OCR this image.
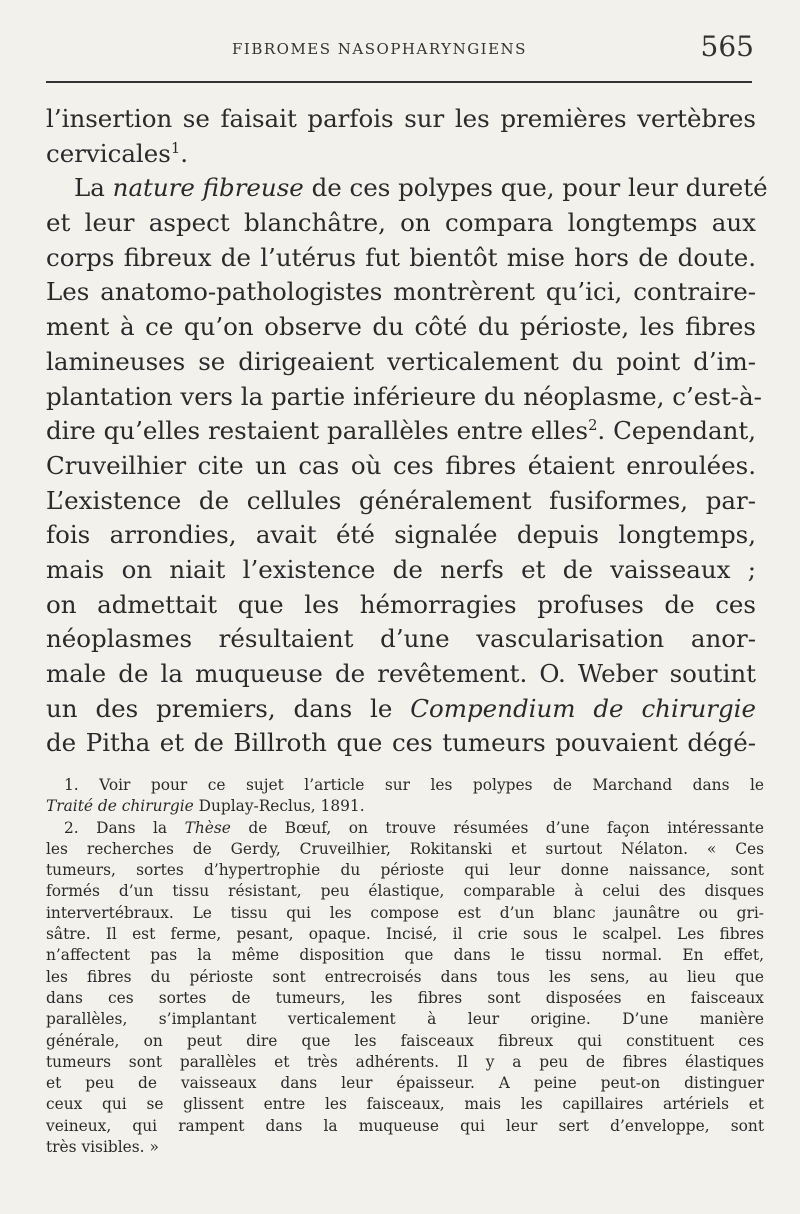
FIBROMES NASOPHARYNGIENS	565
l’insertion se faisait parfois sur les premières vertèbres
cervicales$^1$.
La nature fibreuse de ces polypes que, pour leur dureté
et leur aspect blanchâtre, on compara longtemps aux
corps fibreux de l’utérus fut bientôt mise hors de doute.
Les anatomo-pathologistes montrèrent qu’ici, contraire-
ment à ce qu’on observe du côté du périoste, les fibres
lamineuses se dirigeaient verticalement du point d’im-
plantation vers la partie inférieure du néoplasme, c’est-à-
dire qu’elles restaient parallèles entre elles$^2$. Cependant,
Cruveilhier cite un cas où ces fibres étaient enroulées.
L’existence de cellules généralement fusiformes, par-
fois arrondies, avait été signalée depuis longtemps,
mais on niait l’existence de nerfs et de vaisseaux ;
on admettait que les hémorragies profuses de ces
néoplasmes résultaient d’une vascularisation anor-
male de la muqueuse de revêtement. O. Weber soutint
un des premiers, dans le Compendium de chirurgie
de Pitha et de Billroth que ces tumeurs pouvaient dégé-
1. Voir pour ce sujet l’article sur les polypes de Marchand dans le
Traité de chirurgie Duplay-Reclus, 1891.
2. Dans la Thèse de Bœuf, on trouve résumées d’une façon intéressante
les recherches de Gerdy, Cruveilhier, Rokitanski et surtout Nélaton. « Ces
tumeurs, sortes d’hypertrophie du périoste qui leur donne naissance, sont
formés d’un tissu résistant, peu élastique, comparable à celui des disques
intervertébraux. Le tissu qui les compose est d’un blanc jaunâtre ou gri-
sâtre. Il est ferme, pesant, opaque. Incisé, il crie sous le scalpel. Les fibres
n’affectent pas la même disposition que dans le tissu normal. En effet,
les fibres du périoste sont entrecroisés dans tous les sens, au lieu que
dans ces sortes de tumeurs, les fibres sont disposées en faisceaux
parallèles, s’implantant verticalement à leur origine. D’une manière
générale, on peut dire que les faisceaux fibreux qui constituent ces
tumeurs sont parallèles et très adhérents. Il y a peu de fibres élastiques
et peu de vaisseaux dans leur épaisseur. A peine peut-on distinguer
ceux qui se glissent entre les faisceaux, mais les capillaires artériels et
veineux, qui rampent dans la muqueuse qui leur sert d’enveloppe, sont
très visibles. »
